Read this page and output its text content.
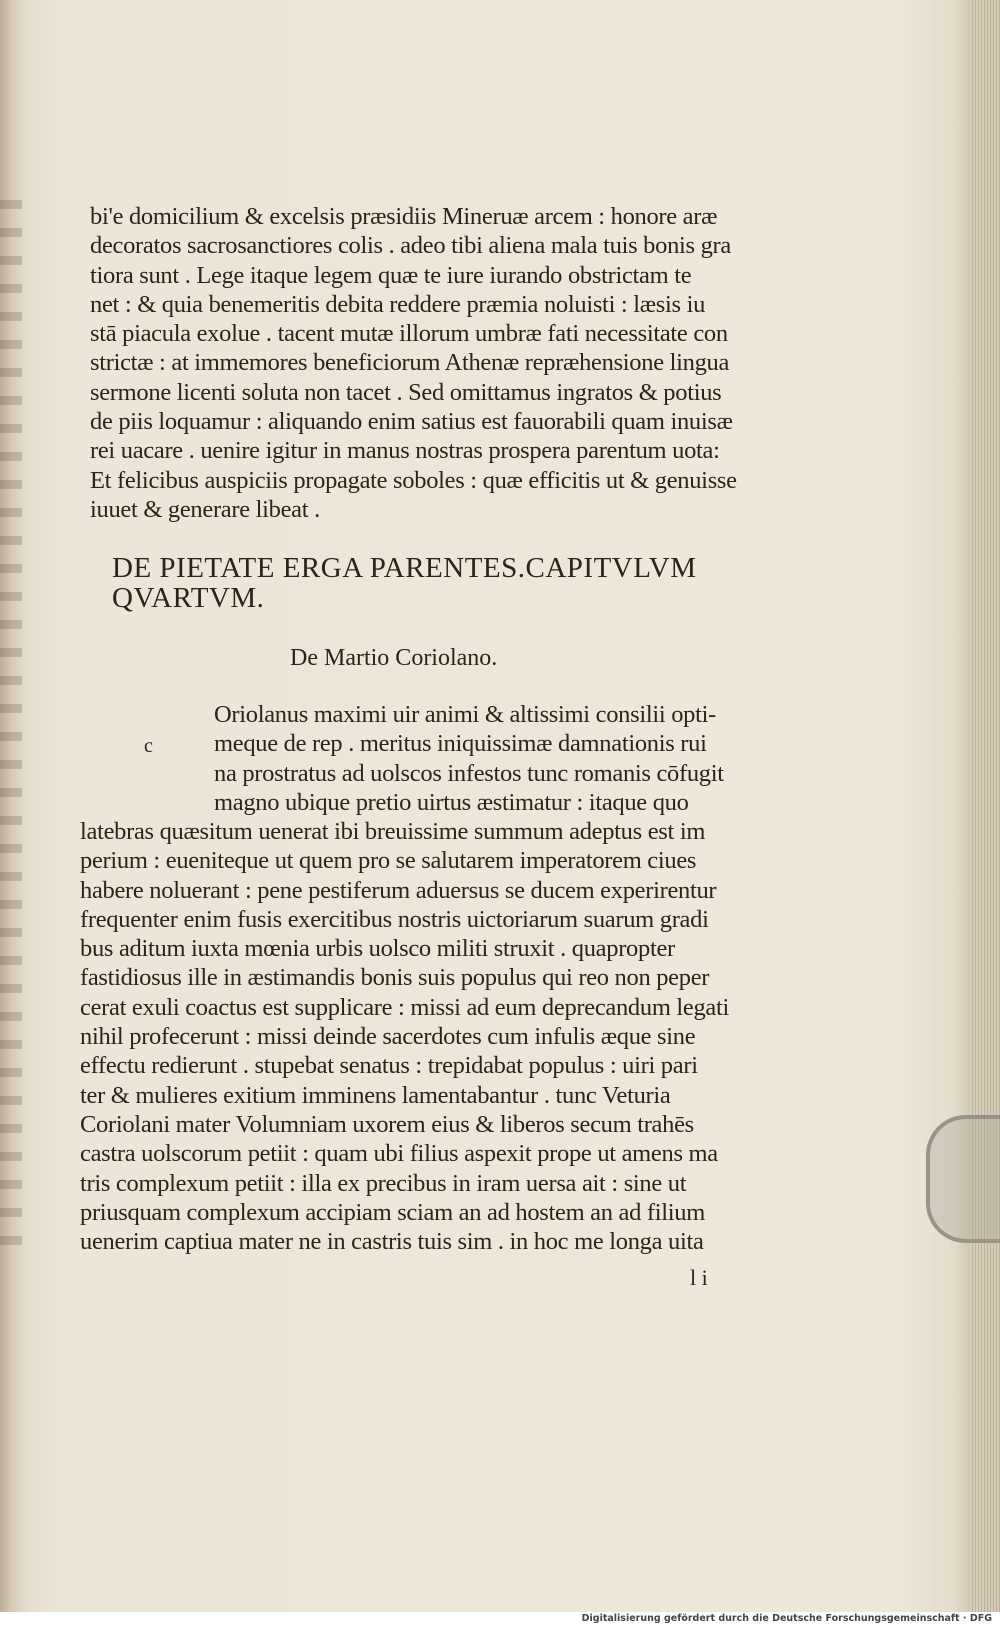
bi'e domicilium & excelsis præsidiis Mineruæ arcem : honore aræ
decoratos sacrosanctiores colis . adeo tibi aliena mala tuis bonis gra
tiora sunt . Lege itaque legem quæ te iure iurando obstrictam te
net : & quia benemeritis debita reddere præmia noluisti : læsis iu
stā piacula exolue . tacent mutæ illorum umbræ fati necessitate con
strictæ : at immemores beneficiorum Athenæ repræhensione lingua
sermone licenti soluta non tacet . Sed omittamus ingratos & potius
de piis loquamur : aliquando enim satius est fauorabili quam inuisæ
rei uacare . uenire igitur in manus nostras prospera parentum uota:
Et felicibus auspiciis propagate soboles : quæ efficitis ut & genuisse
iuuet & generare libeat .
DE PIETATE ERGA PARENTES.CAPITVLVM
QVARTVM.
De Martio Coriolano.
c
Oriolanus maximi uir animi & altissimi consilii opti-
meque de rep . meritus iniquissimæ damnationis rui
na prostratus ad uolscos infestos tunc romanis cōfugit
magno ubique pretio uirtus æstimatur : itaque quo
latebras quæsitum uenerat ibi breuissime summum adeptus est im
perium : eueniteque ut quem pro se salutarem imperatorem ciues
habere noluerant : pene pestiferum aduersus se ducem experirentur
frequenter enim fusis exercitibus nostris uictoriarum suarum gradi
bus aditum iuxta mœnia urbis uolsco militi struxit . quapropter
fastidiosus ille in æstimandis bonis suis populus qui reo non peper
cerat exuli coactus est supplicare : missi ad eum deprecandum legati
nihil profecerunt : missi deinde sacerdotes cum infulis æque sine
effectu redierunt . stupebat senatus : trepidabat populus : uiri pari
ter & mulieres exitium imminens lamentabantur . tunc Veturia
Coriolani mater Volumniam uxorem eius & liberos secum trahēs
castra uolscorum petiit : quam ubi filius aspexit prope ut amens ma
tris complexum petiit : illa ex precibus in iram uersa ait : sine ut
priusquam complexum accipiam sciam an ad hostem an ad filium
uenerim captiua mater ne in castris tuis sim . in hoc me longa uita
l i
Digitalisierung gefördert durch die Deutsche Forschungsgemeinschaft · DFG
